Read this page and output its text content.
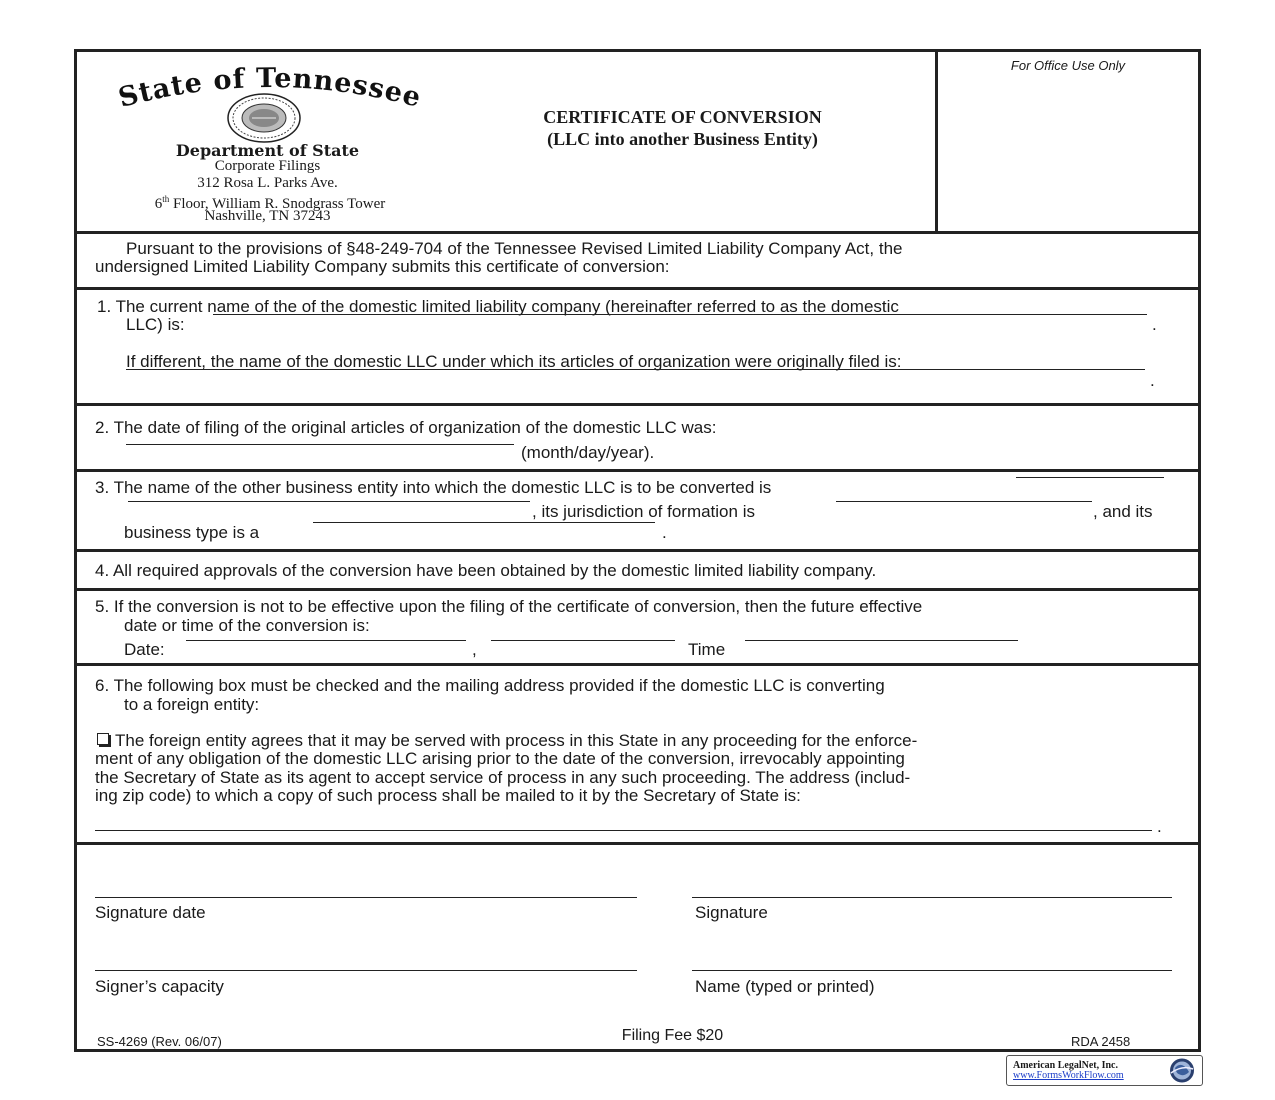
State of Tennessee
Department of State
Corporate Filings
312 Rosa L. Parks Ave.
6th Floor, William R. Snodgrass Tower
Nashville, TN 37243
CERTIFICATE OF CONVERSION
(LLC into another Business Entity)
For Office Use Only
Pursuant to the provisions of §48-249-704 of the Tennessee Revised Limited Liability Company Act, the
undersigned Limited Liability Company submits this certificate of conversion:
1. The current name of the of the domestic limited liability company (hereinafter referred to as the domestic
LLC) is:	.
If different, the name of the domestic LLC under which its articles of organization were originally filed is:
.
2. The date of filing of the original articles of organization of the domestic LLC was:
(month/day/year).
3. The name of the other business entity into which the domestic LLC is to be converted is
, its jurisdiction of formation is	, and its
business type is a	.
4. All required approvals of the conversion have been obtained by the domestic limited liability company.
5. If the conversion is not to be effective upon the filing of the certificate of conversion, then the future effective
date or time of the conversion is:
Date:	,	Time
6. The following box must be checked and the mailing address provided if the domestic LLC is converting
to a foreign entity:
The foreign entity agrees that it may be served with process in this State in any proceeding for the enforce-
ment of any obligation of the domestic LLC arising prior to the date of the conversion, irrevocably appointing
the Secretary of State as its agent to accept service of process in any such proceeding. The address (includ-
ing zip code) to which a copy of such process shall be mailed to it by the Secretary of State is:
.
Signature date	Signature
Signer’s capacity	Name (typed or printed)
SS-4269 (Rev. 06/07)	Filing Fee $20	RDA 2458
American LegalNet, Inc.
www.FormsWorkFlow.com
